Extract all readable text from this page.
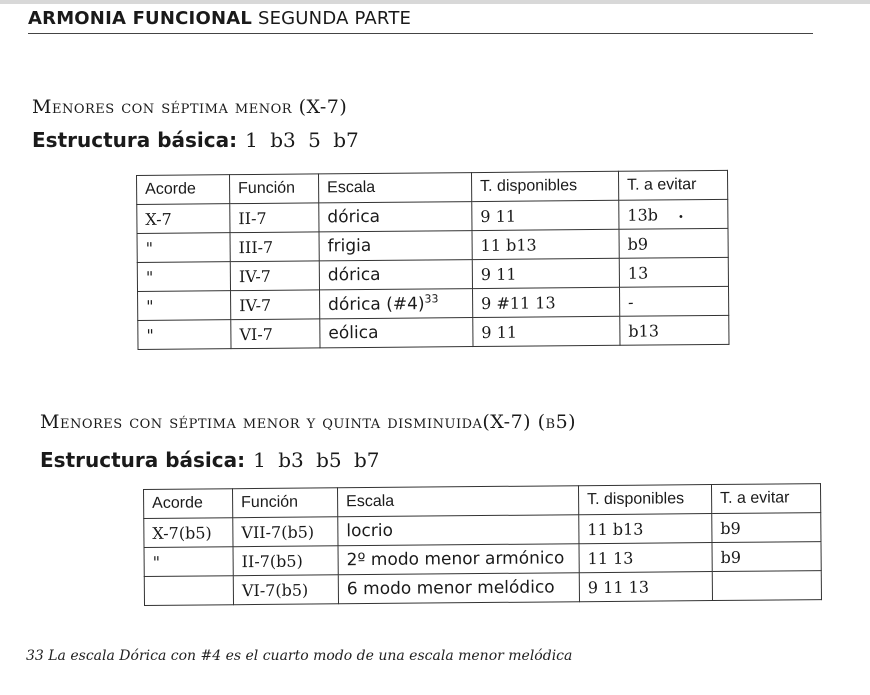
ARMONIA FUNCIONAL SEGUNDA PARTE
Menores con séptima menor (X-7)
Estructura básica: 1 b3 5 b7
Acorde	Función	Escala	T. disponibles	T. a evitar
X-7	II-7	dórica	9 11	13b •
"	III-7	frigia	11 b13	b9
"	IV-7	dórica	9 11	13
"	IV-7	dórica (#4)$^{33}$	9 #11 13	-
"	VI-7	eólica	9 11	b13
Menores con séptima menor y quinta disminuida(X-7) (b5)
Estructura básica: 1 b3 b5 b7
Acorde	Función	Escala	T. disponibles	T. a evitar
X-7(b5)	VII-7(b5)	locrio	11 b13	b9
"	II-7(b5)	2º modo menor armónico	11 13	b9
	VI-7(b5)	6 modo menor melódico	9 11 13	
33 La escala Dórica con #4 es el cuarto modo de una escala menor melódica
